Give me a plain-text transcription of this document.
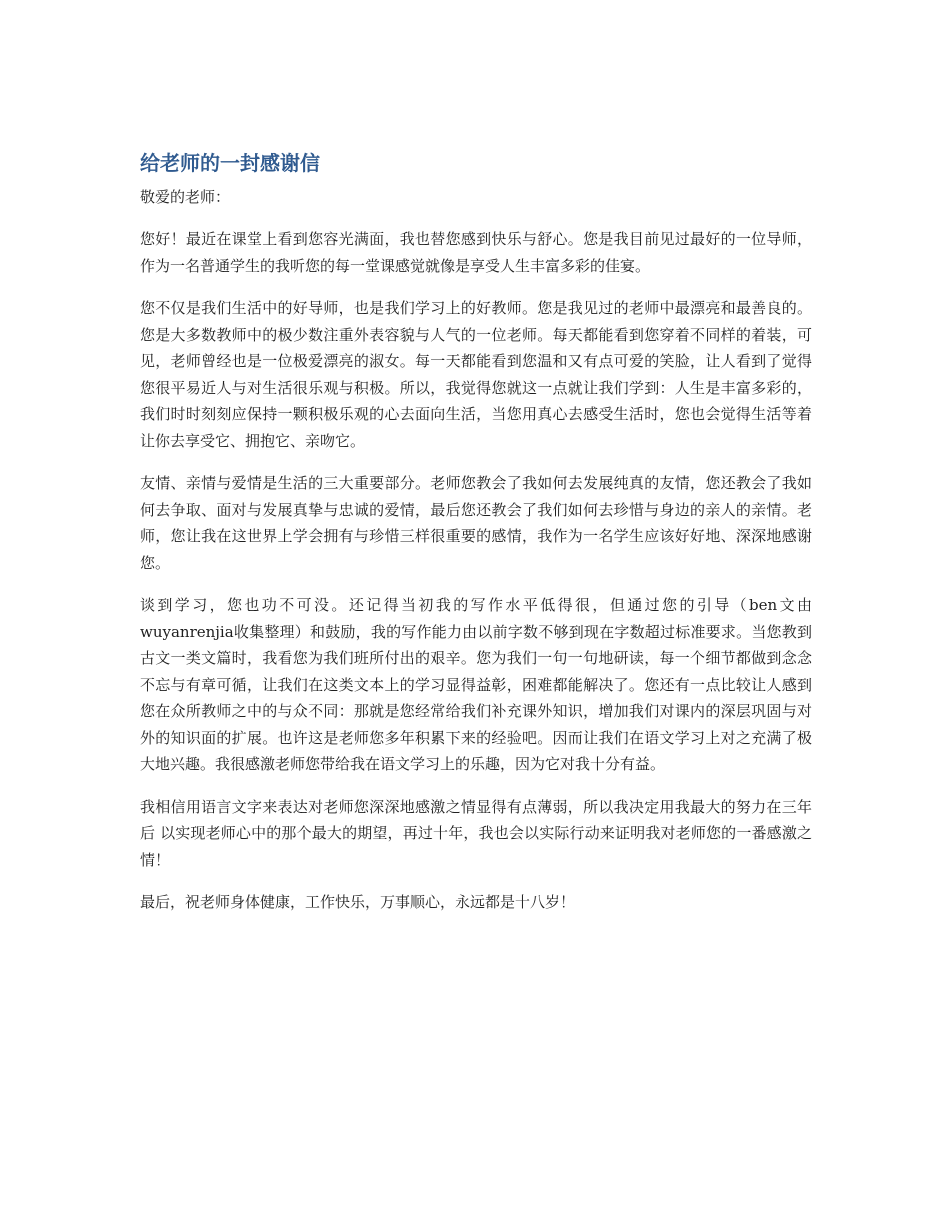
给老师的一封感谢信

敬爱的老师：

您好！最近在课堂上看到您容光满面，我也替您感到快乐与舒心。您是我目前见过最好的一位导师，作为一名普通学生的我听您的每一堂课感觉就像是享受人生丰富多彩的佳宴。

您不仅是我们生活中的好导师，也是我们学习上的好教师。您是我见过的老师中最漂亮和最善良的。您是大多数教师中的极少数注重外表容貌与人气的一位老师。每天都能看到您穿着不同样的着装，可见，老师曾经也是一位极爱漂亮的淑女。每一天都能看到您温和又有点可爱的笑脸，让人看到了觉得您很平易近人与对生活很乐观与积极。所以，我觉得您就这一点就让我们学到：人生是丰富多彩的，我们时时刻刻应保持一颗积极乐观的心去面向生活，当您用真心去感受生活时，您也会觉得生活等着让你去享受它、拥抱它、亲吻它。

友情、亲情与爱情是生活的三大重要部分。老师您教会了我如何去发展纯真的友情，您还教会了我如何去争取、面对与发展真挚与忠诚的爱情，最后您还教会了我们如何去珍惜与身边的亲人的亲情。老师，您让我在这世界上学会拥有与珍惜三样很重要的感情，我作为一名学生应该好好地、深深地感谢您。

谈到学习，您也功不可没。还记得当初我的写作水平低得很，但通过您的引导（ben文由wuyanrenjia收集整理）和鼓励，我的写作能力由以前字数不够到现在字数超过标准要求。当您教到古文一类文篇时，我看您为我们班所付出的艰辛。您为我们一句一句地研读，每一个细节都做到念念不忘与有章可循，让我们在这类文本上的学习显得益彰，困难都能解决了。您还有一点比较让人感到您在众所教师之中的与众不同：那就是您经常给我们补充课外知识，增加我们对课内的深层巩固与对外的知识面的扩展。也许这是老师您多年积累下来的经验吧。因而让我们在语文学习上对之充满了极大地兴趣。我很感激老师您带给我在语文学习上的乐趣，因为它对我十分有益。

我相信用语言文字来表达对老师您深深地感激之情显得有点薄弱，所以我决定用我最大的努力在三年后 以实现老师心中的那个最大的期望，再过十年，我也会以实际行动来证明我对老师您的一番感激之情！

最后，祝老师身体健康，工作快乐，万事顺心，永远都是十八岁！
